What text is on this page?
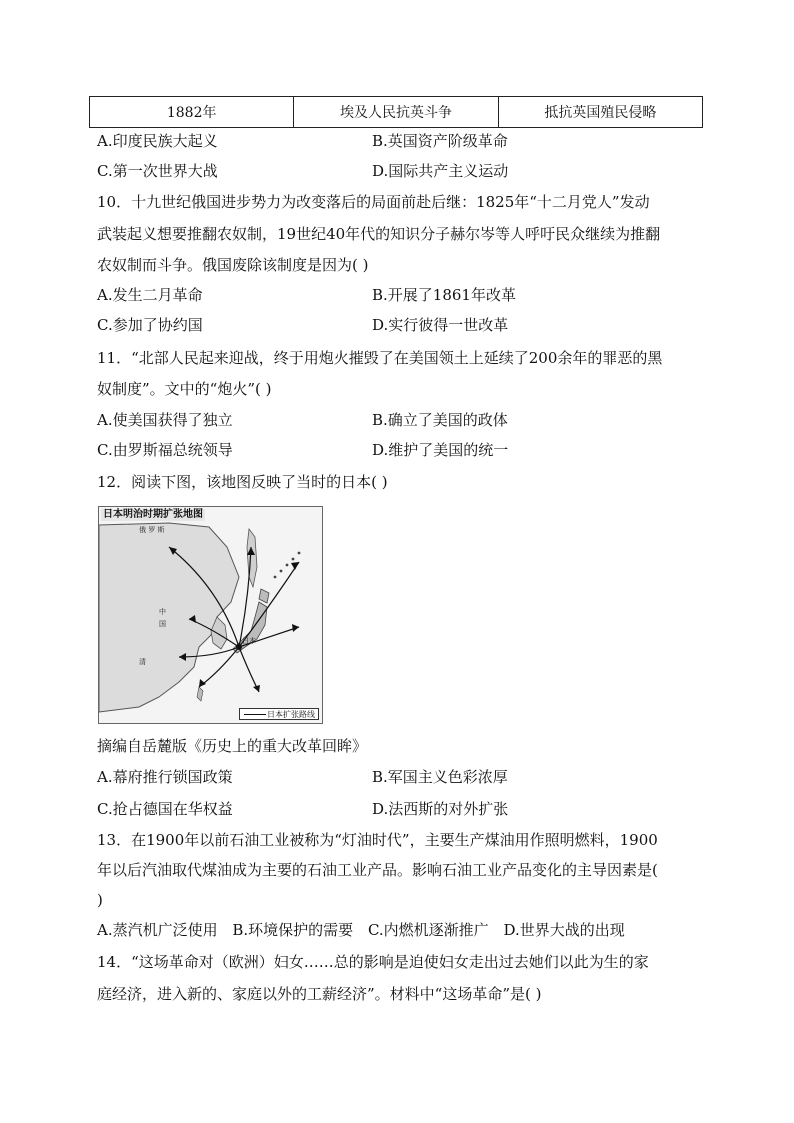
1882年	埃及人民抗英斗争	抵抗英国殖民侵略
A.印度民族大起义	B.英国资产阶级革命
C.第一次世界大战	D.国际共产主义运动
10．十九世纪俄国进步势力为改变落后的局面前赴后继：1825年“十二月党人”发动
武装起义想要推翻农奴制，19世纪40年代的知识分子赫尔岑等人呼吁民众继续为推翻
农奴制而斗争。俄国废除该制度是因为( )
A.发生二月革命	B.开展了1861年改革
C.参加了协约国	D.实行彼得一世改革
11．“北部人民起来迎战，终于用炮火摧毁了在美国领土上延续了200余年的罪恶的黑
奴制度”。文中的“炮火”( )
A.使美国获得了独立	B.确立了美国的政体
C.由罗斯福总统领导	D.维护了美国的统一
12．阅读下图，该地图反映了当时的日本( )
日本明治时期扩张地图
俄 罗 斯
中
国
清
日本
日本扩张路线
摘编自岳麓版《历史上的重大改革回眸》
A.幕府推行锁国政策	B.军国主义色彩浓厚
C.抢占德国在华权益	D.法西斯的对外扩张
13．在1900年以前石油工业被称为“灯油时代”，主要生产煤油用作照明燃料，1900
年以后汽油取代煤油成为主要的石油工业产品。影响石油工业产品变化的主导因素是(
)
A.蒸汽机广泛使用 B.环境保护的需要 C.内燃机逐渐推广 D.世界大战的出现
14．“这场革命对（欧洲）妇女……总的影响是迫使妇女走出过去她们以此为生的家
庭经济，进入新的、家庭以外的工薪经济”。材料中“这场革命”是( )
